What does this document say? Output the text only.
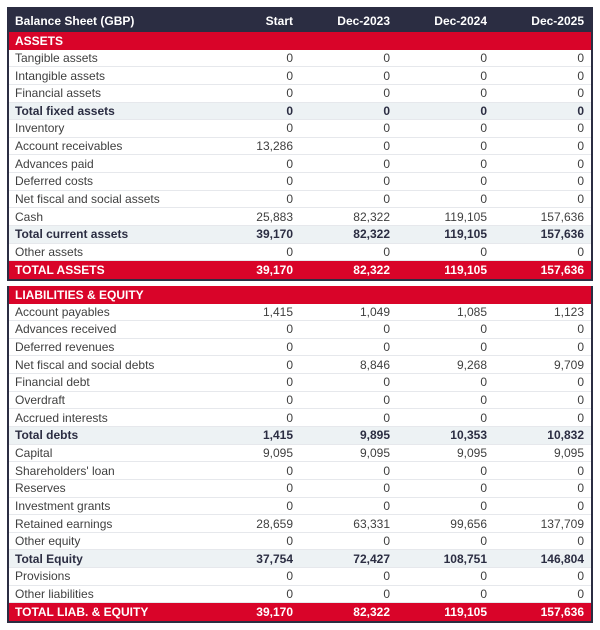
Balance Sheet (GBP)	Start	Dec-2023	Dec-2024	Dec-2025
ASSETS
Tangible assets	0	0	0	0
Intangible assets	0	0	0	0
Financial assets	0	0	0	0
Total fixed assets	0	0	0	0
Inventory	0	0	0	0
Account receivables	13,286	0	0	0
Advances paid	0	0	0	0
Deferred costs	0	0	0	0
Net fiscal and social assets	0	0	0	0
Cash	25,883	82,322	119,105	157,636
Total current assets	39,170	82,322	119,105	157,636
Other assets	0	0	0	0
TOTAL ASSETS	39,170	82,322	119,105	157,636
LIABILITIES & EQUITY
Account payables	1,415	1,049	1,085	1,123
Advances received	0	0	0	0
Deferred revenues	0	0	0	0
Net fiscal and social debts	0	8,846	9,268	9,709
Financial debt	0	0	0	0
Overdraft	0	0	0	0
Accrued interests	0	0	0	0
Total debts	1,415	9,895	10,353	10,832
Capital	9,095	9,095	9,095	9,095
Shareholders' loan	0	0	0	0
Reserves	0	0	0	0
Investment grants	0	0	0	0
Retained earnings	28,659	63,331	99,656	137,709
Other equity	0	0	0	0
Total Equity	37,754	72,427	108,751	146,804
Provisions	0	0	0	0
Other liabilities	0	0	0	0
TOTAL LIAB. & EQUITY	39,170	82,322	119,105	157,636
